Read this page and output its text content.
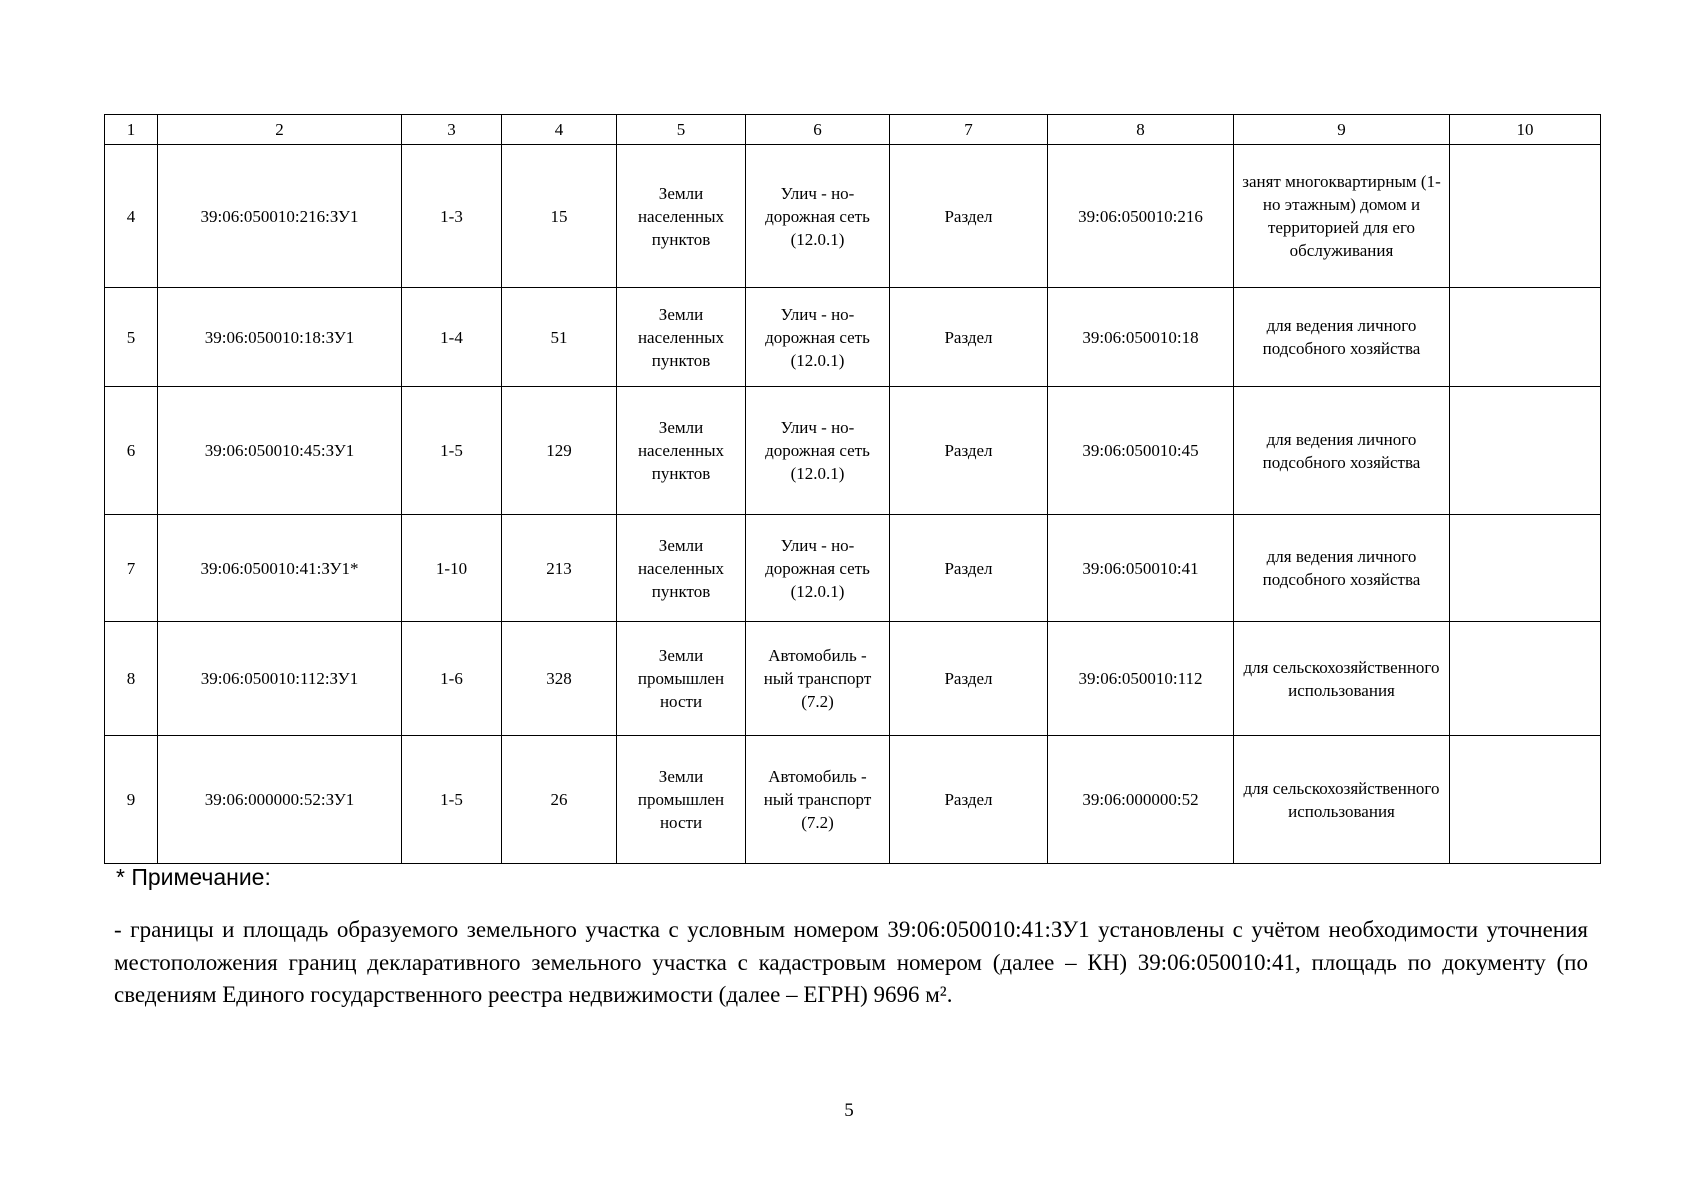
1	2	3	4	5	6	7	8	9	10
4	39:06:050010:216:ЗУ1	1-3	15	Земли населенных пунктов	Улич - но-дорожная сеть (12.0.1)	Раздел	39:06:050010:216	занят многоквартирным (1-но этажным) домом и территорией для его обслуживания	
5	39:06:050010:18:ЗУ1	1-4	51	Земли населенных пунктов	Улич - но-дорожная сеть (12.0.1)	Раздел	39:06:050010:18	для ведения личного подсобного хозяйства	
6	39:06:050010:45:ЗУ1	1-5	129	Земли населенных пунктов	Улич - но-дорожная сеть (12.0.1)	Раздел	39:06:050010:45	для ведения личного подсобного хозяйства	
7	39:06:050010:41:ЗУ1*	1-10	213	Земли населенных пунктов	Улич - но-дорожная сеть (12.0.1)	Раздел	39:06:050010:41	для ведения личного подсобного хозяйства	
8	39:06:050010:112:ЗУ1	1-6	328	Земли промышлен ности	Автомобиль - ный транспорт (7.2)	Раздел	39:06:050010:112	для сельскохозяйственного использования	
9	39:06:000000:52:ЗУ1	1-5	26	Земли промышлен ности	Автомобиль - ный транспорт (7.2)	Раздел	39:06:000000:52	для сельскохозяйственного использования	
* Примечание:
- границы и площадь образуемого земельного участка с условным номером 39:06:050010:41:ЗУ1 установлены с учётом необходимости уточнения местоположения границ декларативного земельного участка с кадастровым номером (далее – КН) 39:06:050010:41, площадь по документу (по сведениям Единого государственного реестра недвижимости (далее – ЕГРН) 9696 м².
5
